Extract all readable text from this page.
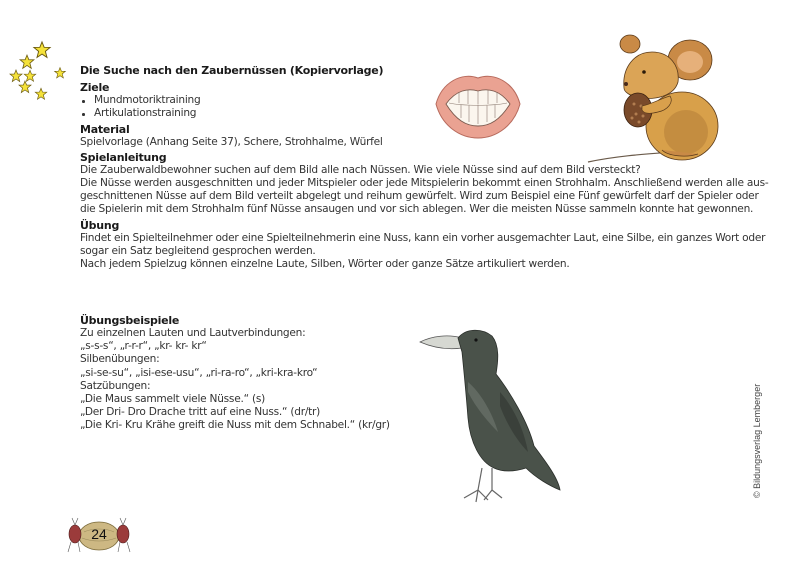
Die Suche nach den Zaubernüssen (Kopiervorlage)
Ziele
Mundmotoriktraining
Artikulationstraining
Material
Spielvorlage (Anhang Seite 37), Schere, Strohhalme, Würfel
Spielanleitung
Die Zauberwaldbewohner suchen auf dem Bild alle nach Nüssen. Wie viele Nüsse sind auf dem Bild versteckt?
Die Nüsse werden ausgeschnitten und jeder Mitspieler oder jede Mitspielerin bekommt einen Strohhalm. Anschließend werden alle aus-
geschnittenen Nüsse auf dem Bild verteilt abgelegt und reihum gewürfelt. Wird zum Beispiel eine Fünf gewürfelt darf der Spieler oder
die Spielerin mit dem Strohhalm fünf Nüsse ansaugen und vor sich ablegen. Wer die meisten Nüsse sammeln konnte hat gewonnen.
Übung
Findet ein Spielteilnehmer oder eine Spielteilnehmerin eine Nuss, kann ein vorher ausgemachter Laut, eine Silbe, ein ganzes Wort oder
sogar ein Satz begleitend gesprochen werden.
Nach jedem Spielzug können einzelne Laute, Silben, Wörter oder ganze Sätze artikuliert werden.
Übungsbeispiele
Zu einzelnen Lauten und Lautverbindungen:
„s-s-s“, „r-r-r“, „kr- kr- kr“
Silbenübungen:
„si-se-su“, „isi-ese-usu“, „ri-ra-ro“, „kri-kra-kro“
Satzübungen:
„Die Maus sammelt viele Nüsse.“ (s)
„Der Dri- Dro Drache tritt auf eine Nuss.“ (dr/tr)
„Die Kri- Kru Krähe greift die Nuss mit dem Schnabel.“ (kr/gr)	© Bildungsverlag Lemberger
24
